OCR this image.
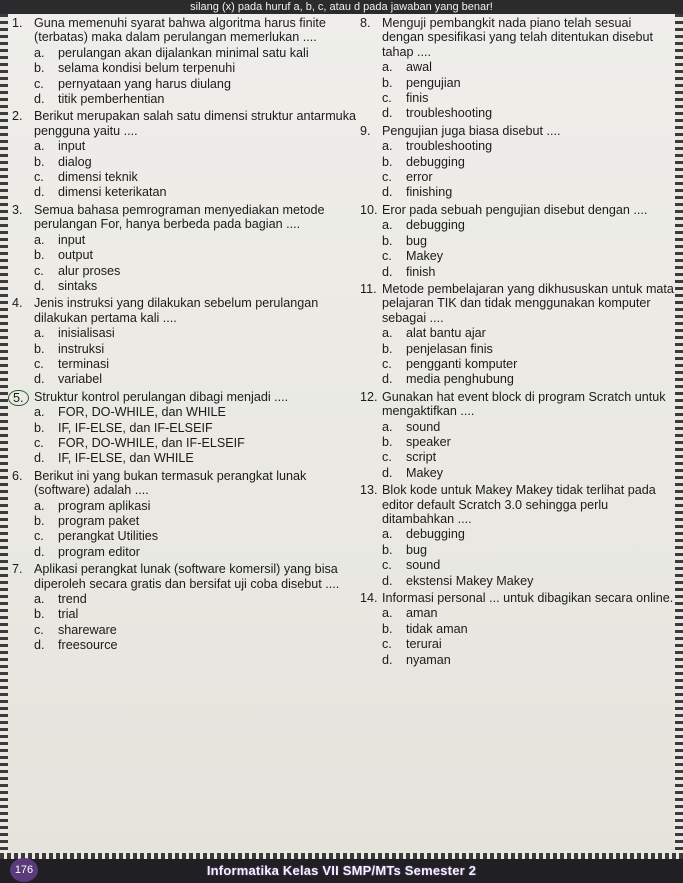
silang (x) pada huruf a, b, c, atau d pada jawaban yang benar!
1. Guna memenuhi syarat bahwa algoritma harus finite (terbatas) maka dalam perulangan memerlukan ....
a.	perulangan akan dijalankan minimal satu kali
b.	selama kondisi belum terpenuhi
c.	pernyataan yang harus diulang
d.	titik pemberhentian
2. Berikut merupakan salah satu dimensi struktur antarmuka pengguna yaitu ....
a.	input
b.	dialog
c.	dimensi teknik
d.	dimensi keterikatan
3. Semua bahasa pemrograman menyediakan metode perulangan For, hanya berbeda pada bagian ....
a.	input
b.	output
c.	alur proses
d.	sintaks
4. Jenis instruksi yang dilakukan sebelum perulangan dilakukan pertama kali ....
a.	inisialisasi
b.	instruksi
c.	terminasi
d.	variabel
5. Struktur kontrol perulangan dibagi menjadi ....
a.	FOR, DO-WHILE, dan WHILE
b.	IF, IF-ELSE, dan IF-ELSEIF
c.	FOR, DO-WHILE, dan IF-ELSEIF
d.	IF, IF-ELSE, dan WHILE
6. Berikut ini yang bukan termasuk perangkat lunak (software) adalah ....
a.	program aplikasi
b.	program paket
c.	perangkat Utilities
d.	program editor
7. Aplikasi perangkat lunak (software komersil) yang bisa diperoleh secara gratis dan bersifat uji coba disebut ....
a.	trend
b.	trial
c.	shareware
d.	freesource
8. Menguji pembangkit nada piano telah sesuai dengan spesifikasi yang telah ditentukan disebut tahap ....
a.	awal
b.	pengujian
c.	finis
d.	troubleshooting
9. Pengujian juga biasa disebut ....
a.	troubleshooting
b.	debugging
c.	error
d.	finishing
10. Eror pada sebuah pengujian disebut dengan ....
a.	debugging
b.	bug
c.	Makey
d.	finish
11. Metode pembelajaran yang dikhususkan untuk mata pelajaran TIK dan tidak menggunakan komputer sebagai ....
a.	alat bantu ajar
b.	penjelasan finis
c.	pengganti komputer
d.	media penghubung
12. Gunakan hat event block di program Scratch untuk mengaktifkan ....
a.	sound
b.	speaker
c.	script
d.	Makey
13. Blok kode untuk Makey Makey tidak terlihat pada editor default Scratch 3.0 sehingga perlu ditambahkan ....
a.	debugging
b.	bug
c.	sound
d.	ekstensi Makey Makey
14. Informasi personal ... untuk dibagikan secara online.
a.	aman
b.	tidak aman
c.	terurai
d.	nyaman
176	Informatika Kelas VII SMP/MTs Semester 2
